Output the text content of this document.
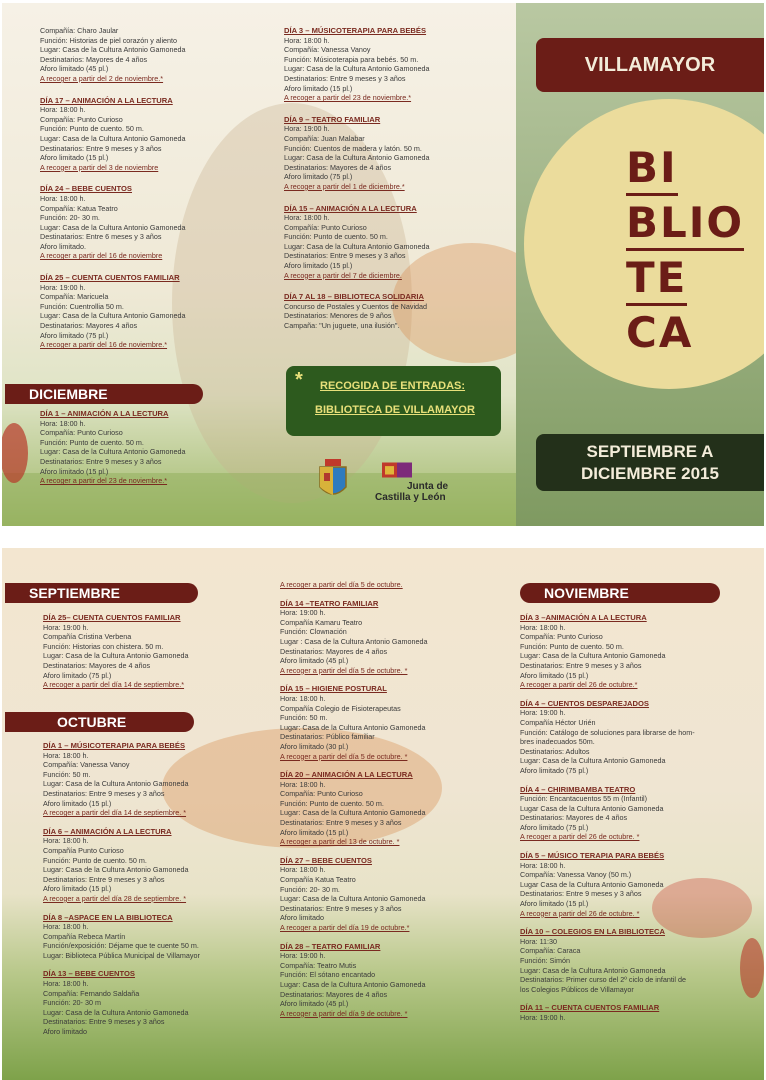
Compañía: Charo Jaular
Función: Historias de piel corazón y aliento
Lugar: Casa de la Cultura Antonio Gamoneda
Destinatarios: Mayores de 4 años
Aforo limitado (45 pl.)
A recoger a partir del 2 de noviembre.*
DÍA 17 – ANIMACIÓN A LA LECTURA
Hora: 18:00 h.
Compañía: Punto Curioso
Función: Punto de cuento. 50 m.
Lugar: Casa de la Cultura Antonio Gamoneda
Destinatarios: Entre 9 meses y 3 años
Aforo limitado (15 pl.)
A recoger a partir del 3 de noviembre
DÍA 24 – BEBE CUENTOS
Hora: 18:00 h.
Compañía: Katua Teatro
Función: 20- 30 m.
Lugar: Casa de la Cultura Antonio Gamoneda
Destinatarios: Entre 6 meses y 3 años
Aforo limitado.
A recoger a partir del 16 de noviembre
DÍA 25 – CUENTA CUENTOS FAMILIAR
Hora: 19:00 h.
Compañía: Maricuela
Función: Cuentrollia 50 m.
Lugar: Casa de la Cultura Antonio Gamoneda
Destinatarios: Mayores 4 años
Aforo limitado (75 pl.)
A recoger a partir del 16 de noviembre.*
DICIEMBRE
DÍA 1 – ANIMACIÓN A LA LECTURA
Hora: 18:00 h.
Compañía: Punto Curioso
Función: Punto de cuento. 50 m.
Lugar: Casa de la Cultura Antonio Gamoneda
Destinatarios: Entre 9 meses y 3 años
Aforo limitado (15 pl.)
A recoger a partir del 23 de noviembre.*
DÍA 3 – MÚSICOTERAPIA PARA BEBÉS
Hora: 18:00 h.
Compañía: Vanessa Vanoy
Función: Músicoterapia para bebés. 50 m.
Lugar: Casa de la Cultura Antonio Gamoneda
Destinatarios: Entre 9 meses y 3 años
Aforo limitado (15 pl.)
A recoger a partir del 23 de noviembre.*
DÍA 9 – TEATRO FAMILIAR
Hora: 19:00 h.
Compañía: Juan Malabar
Función: Cuentos de madera y latón. 50 m.
Lugar: Casa de la Cultura Antonio Gamoneda
Destinatarios: Mayores de 4 años
Aforo limitado (75 pl.)
A recoger a partir del 1 de diciembre.*
DÍA 15 – ANIMACIÓN A LA LECTURA
Hora: 18:00 h.
Compañía: Punto Curioso
Función: Punto de cuento. 50 m.
Lugar: Casa de la Cultura Antonio Gamoneda
Destinatarios: Entre 9 meses y 3 años
Aforo limitado (15 pl.)
A recoger a partir del 7 de diciembre.
DÍA 7 AL 18 – BIBLIOTECA SOLIDARIA
Concurso de Postales y Cuentos de Navidad
Destinatarios: Menores de 9 años
Campaña: "Un juguete, una ilusión".
* RECOGIDA DE ENTRADAS:
BIBLIOTECA DE VILLAMAYOR
Junta de
Castilla y León
VILLAMAYOR
BI
BLIO
TE
CA
SEPTIEMBRE A
DICIEMBRE 2015
SEPTIEMBRE
DÍA 25– CUENTA CUENTOS FAMILIAR
Hora: 19:00 h.
Compañía Cristina Verbena
Función: Historias con chistera. 50 m.
Lugar: Casa de la Cultura Antonio Gamoneda
Destinatarios: Mayores de 4 años
Aforo limitado (75 pl.)
A recoger a partir del día 14 de septiembre.*
OCTUBRE
DÍA 1 – MÚSICOTERAPIA PARA BEBÉS
Hora: 18:00 h.
Compañía: Vanessa Vanoy
Función: 50 m.
Lugar: Casa de la Cultura Antonio Gamoneda
Destinatarios: Entre 9 meses y 3 años
Aforo limitado (15 pl.)
A recoger a partir del día 14 de septiembre. *
DÍA 6 – ANIMACIÓN A LA LECTURA
Hora: 18:00 h.
Compañía Punto Curioso
Función: Punto de cuento. 50 m.
Lugar: Casa de la Cultura Antonio Gamoneda
Destinatarios: Entre 9 meses y 3 años
Aforo limitado (15 pl.)
A recoger a partir del día 28 de septiembre. *
DÍA 8 –ASPACE EN LA BIBLIOTECA
Hora: 18:00 h.
Compañía Rebeca Martín
Función/exposición: Déjame que te cuente 50 m.
Lugar: Biblioteca Pública Municipal de Villamayor
DÍA 13 – BEBE CUENTOS
Hora: 18:00 h.
Compañía: Fernando Saldaña
Función: 20- 30 m
Lugar: Casa de la Cultura Antonio Gamoneda
Destinatarios: Entre 9 meses y 3 años
Aforo limitado
A recoger a partir del día 5 de octubre.
DÍA 14 –TEATRO FAMILIAR
Hora: 19:00 h.
Compañía Kamaru Teatro
Función: Clownación
Lugar : Casa de la Cultura Antonio Gamoneda
Destinatarios: Mayores de 4 años
Aforo limitado (45 pl.)
A recoger a partir del día 5 de octubre. *
DÍA 15 – HIGIENE POSTURAL
Hora: 18:00 h.
Compañía Colegio de Fisioterapeutas
Función: 50 m.
Lugar: Casa de la Cultura Antonio Gamoneda
Destinatarios: Público familiar
Aforo limitado (30 pl.)
A recoger a partir del día 5 de octubre. *
DÍA 20 – ANIMACIÓN A LA LECTURA
Hora: 18:00 h.
Compañía: Punto Curioso
Función: Punto de cuento. 50 m.
Lugar: Casa de la Cultura Antonio Gamoneda
Destinatarios: Entre 9 meses y 3 años
Aforo limitado (15 pl.)
A recoger a partir del 13 de octubre. *
DÍA 27 – BEBE CUENTOS
Hora: 18:00 h.
Compañía Katua Teatro
Función: 20- 30 m.
Lugar: Casa de la Cultura Antonio Gamoneda
Destinatarios: Entre 9 meses y 3 años
Aforo limitado
A recoger a partir del día 19 de octubre.*
DÍA 28 – TEATRO FAMILIAR
Hora: 19:00 h.
Compañía: Teatro Mutis
Función: El sótano encantado
Lugar: Casa de la Cultura Antonio Gamoneda
Destinatarios: Mayores de 4 años
Aforo limitado (45 pl.)
A recoger a partir del día 9 de octubre. *
NOVIEMBRE
DÍA 3 –ANIMACIÓN A LA LECTURA
Hora: 18:00 h.
Compañía: Punto Curioso
Función: Punto de cuento. 50 m.
Lugar: Casa de la Cultura Antonio Gamoneda
Destinatarios: Entre 9 meses y 3 años
Aforo limitado (15 pl.)
A recoger a partir del 26 de octubre.*
DÍA 4 – CUENTOS DESPAREJADOS
Hora: 19:00 h.
Compañía Héctor Urién
Función: Catálogo de soluciones para librarse de hom-
bres inadecuados 50m.
Destinatarios: Adultos
Lugar: Casa de la Cultura Antonio Gamoneda
Aforo limitado (75 pl.)
DÍA 4 – CHIRIMBAMBA TEATRO
Función: Encantacuentos 55 m (Infantil)
Lugar Casa de la Cultura Antonio Gamoneda
Destinatarios: Mayores de 4 años
Aforo limitado (75 pl.)
A recoger a partir del 26 de octubre. *
DÍA 5 – MÚSICO TERAPIA PARA BEBÉS
Hora: 18:00 h.
Compañía: Vanessa Vanoy (50 m.)
Lugar Casa de la Cultura Antonio Gamoneda
Destinatarios: Entre 9 meses y 3 años
Aforo limitado (15 pl.)
A recoger a partir del 26 de octubre. *
DÍA 10 – COLEGIOS EN LA BIBLIOTECA
Hora: 11:30
Compañía: Caraca
Función: Simón
Lugar: Casa de la Cultura Antonio Gamoneda
Destinatarios: Primer curso del 2º ciclo de infantil de
los Colegios Públicos de Villamayor
DÍA 11 – CUENTA CUENTOS FAMILIAR
Hora: 19:00 h.
